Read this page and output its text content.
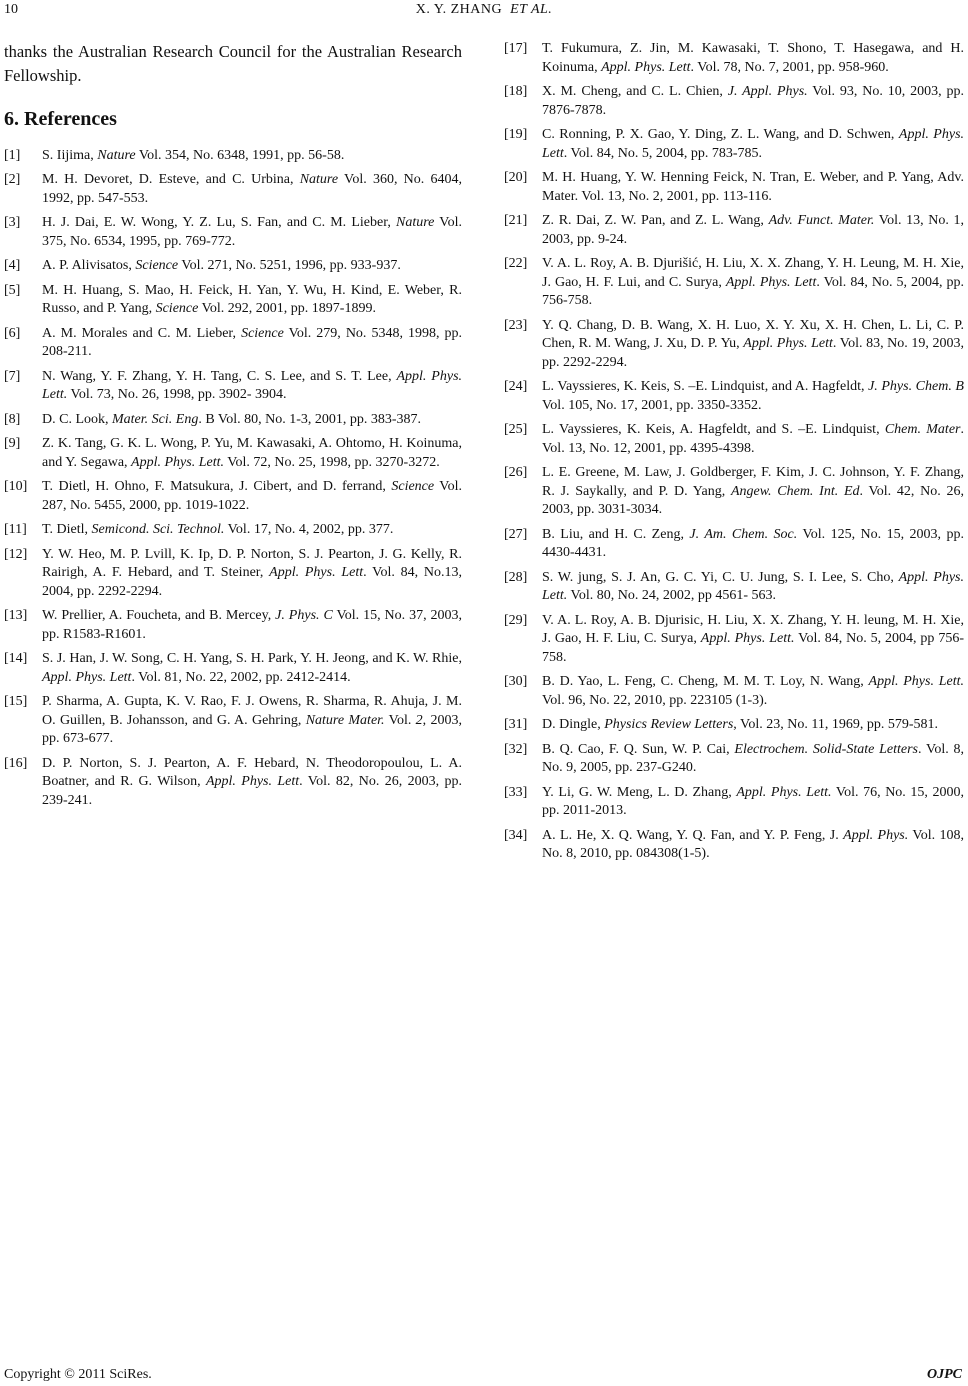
10	X. Y. ZHANG ET AL.

thanks the Australian Research Council for the Australian Research Fellowship.

6. References
[1]	S. Iijima, Nature Vol. 354, No. 6348, 1991, pp. 56-58.
[2]	M. H. Devoret, D. Esteve, and C. Urbina, Nature Vol. 360, No. 6404, 1992, pp. 547-553.
[3]	H. J. Dai, E. W. Wong, Y. Z. Lu, S. Fan, and C. M. Lieber, Nature Vol. 375, No. 6534, 1995, pp. 769-772.
[4]	A. P. Alivisatos, Science Vol. 271, No. 5251, 1996, pp. 933-937.
[5]	M. H. Huang, S. Mao, H. Feick, H. Yan, Y. Wu, H. Kind, E. Weber, R. Russo, and P. Yang, Science Vol. 292, 2001, pp. 1897-1899.
[6]	A. M. Morales and C. M. Lieber, Science Vol. 279, No. 5348, 1998, pp. 208-211.
[7]	N. Wang, Y. F. Zhang, Y. H. Tang, C. S. Lee, and S. T. Lee, Appl. Phys. Lett. Vol. 73, No. 26, 1998, pp. 3902- 3904.
[8]	D. C. Look, Mater. Sci. Eng. B Vol. 80, No. 1-3, 2001, pp. 383-387.
[9]	Z. K. Tang, G. K. L. Wong, P. Yu, M. Kawasaki, A. Ohtomo, H. Koinuma, and Y. Segawa, Appl. Phys. Lett. Vol. 72, No. 25, 1998, pp. 3270-3272.
[10]	T. Dietl, H. Ohno, F. Matsukura, J. Cibert, and D. ferrand, Science Vol. 287, No. 5455, 2000, pp. 1019-1022.
[11]	T. Dietl, Semicond. Sci. Technol. Vol. 17, No. 4, 2002, pp. 377.
[12]	Y. W. Heo, M. P. Lvill, K. Ip, D. P. Norton, S. J. Pearton, J. G. Kelly, R. Rairigh, A. F. Hebard, and T. Steiner, Appl. Phys. Lett. Vol. 84, No.13, 2004, pp. 2292-2294.
[13]	W. Prellier, A. Foucheta, and B. Mercey, J. Phys. C Vol. 15, No. 37, 2003, pp. R1583-R1601.
[14]	S. J. Han, J. W. Song, C. H. Yang, S. H. Park, Y. H. Jeong, and K. W. Rhie, Appl. Phys. Lett. Vol. 81, No. 22, 2002, pp. 2412-2414.
[15]	P. Sharma, A. Gupta, K. V. Rao, F. J. Owens, R. Sharma, R. Ahuja, J. M. O. Guillen, B. Johansson, and G. A. Gehring, Nature Mater. Vol. 2, 2003, pp. 673-677.
[16]	D. P. Norton, S. J. Pearton, A. F. Hebard, N. Theodoropoulou, L. A. Boatner, and R. G. Wilson, Appl. Phys. Lett. Vol. 82, No. 26, 2003, pp. 239-241.
[17]	T. Fukumura, Z. Jin, M. Kawasaki, T. Shono, T. Hasegawa, and H. Koinuma, Appl. Phys. Lett. Vol. 78, No. 7, 2001, pp. 958-960.
[18]	X. M. Cheng, and C. L. Chien, J. Appl. Phys. Vol. 93, No. 10, 2003, pp. 7876-7878.
[19]	C. Ronning, P. X. Gao, Y. Ding, Z. L. Wang, and D. Schwen, Appl. Phys. Lett. Vol. 84, No. 5, 2004, pp. 783-785.
[20]	M. H. Huang, Y. W. Henning Feick, N. Tran, E. Weber, and P. Yang, Adv. Mater. Vol. 13, No. 2, 2001, pp. 113-116.
[21]	Z. R. Dai, Z. W. Pan, and Z. L. Wang, Adv. Funct. Mater. Vol. 13, No. 1, 2003, pp. 9-24.
[22]	V. A. L. Roy, A. B. Djurišić, H. Liu, X. X. Zhang, Y. H. Leung, M. H. Xie, J. Gao, H. F. Lui, and C. Surya, Appl. Phys. Lett. Vol. 84, No. 5, 2004, pp. 756-758.
[23]	Y. Q. Chang, D. B. Wang, X. H. Luo, X. Y. Xu, X. H. Chen, L. Li, C. P. Chen, R. M. Wang, J. Xu, D. P. Yu, Appl. Phys. Lett. Vol. 83, No. 19, 2003, pp. 2292-2294.
[24]	L. Vayssieres, K. Keis, S. –E. Lindquist, and A. Hagfeldt, J. Phys. Chem. B Vol. 105, No. 17, 2001, pp. 3350-3352.
[25]	L. Vayssieres, K. Keis, A. Hagfeldt, and S. –E. Lindquist, Chem. Mater. Vol. 13, No. 12, 2001, pp. 4395-4398.
[26]	L. E. Greene, M. Law, J. Goldberger, F. Kim, J. C. Johnson, Y. F. Zhang, R. J. Saykally, and P. D. Yang, Angew. Chem. Int. Ed. Vol. 42, No. 26, 2003, pp. 3031-3034.
[27]	B. Liu, and H. C. Zeng, J. Am. Chem. Soc. Vol. 125, No. 15, 2003, pp. 4430-4431.
[28]	S. W. jung, S. J. An, G. C. Yi, C. U. Jung, S. I. Lee, S. Cho, Appl. Phys. Lett. Vol. 80, No. 24, 2002, pp 4561- 563.
[29]	V. A. L. Roy, A. B. Djurisic, H. Liu, X. X. Zhang, Y. H. leung, M. H. Xie, J. Gao, H. F. Liu, C. Surya, Appl. Phys. Lett. Vol. 84, No. 5, 2004, pp 756-758.
[30]	B. D. Yao, L. Feng, C. Cheng, M. M. T. Loy, N. Wang, Appl. Phys. Lett. Vol. 96, No. 22, 2010, pp. 223105 (1-3).
[31]	D. Dingle, Physics Review Letters, Vol. 23, No. 11, 1969, pp. 579-581.
[32]	B. Q. Cao, F. Q. Sun, W. P. Cai, Electrochem. Solid-State Letters. Vol. 8, No. 9, 2005, pp. 237-G240.
[33]	Y. Li, G. W. Meng, L. D. Zhang, Appl. Phys. Lett. Vol. 76, No. 15, 2000, pp. 2011-2013.
[34]	A. L. He, X. Q. Wang, Y. Q. Fan, and Y. P. Feng, J. Appl. Phys. Vol. 108, No. 8, 2010, pp. 084308(1-5).
Copyright © 2011 SciRes.	OJPC
